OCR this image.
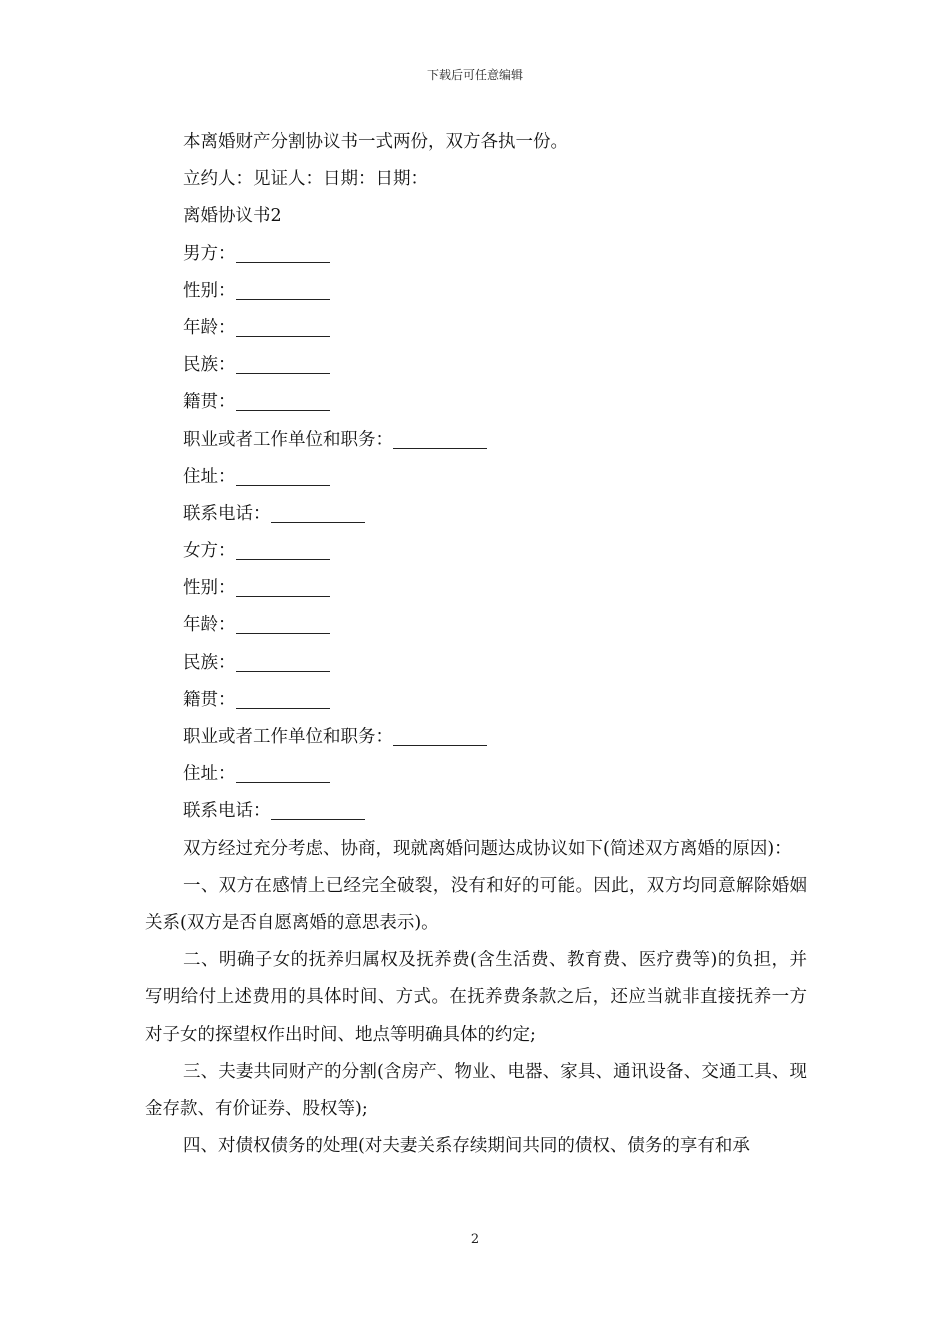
下载后可任意编辑
本离婚财产分割协议书一式两份，双方各执一份。
立约人：见证人：日期：日期：
离婚协议书2
男方：
性别：
年龄：
民族：
籍贯：
职业或者工作单位和职务：
住址：
联系电话：
女方：
性别：
年龄：
民族：
籍贯：
职业或者工作单位和职务：
住址：
联系电话：

双方经过充分考虑、协商，现就离婚问题达成协议如下(简述双方离婚的原因)：

一、双方在感情上已经完全破裂，没有和好的可能。因此，双方均同意解除婚姻关系(双方是否自愿离婚的意思表示)。

二、明确子女的抚养归属权及抚养费(含生活费、教育费、医疗费等)的负担，并写明给付上述费用的具体时间、方式。在抚养费条款之后，还应当就非直接抚养一方对子女的探望权作出时间、地点等明确具体的约定;

三、夫妻共同财产的分割(含房产、物业、电器、家具、通讯设备、交通工具、现金存款、有价证券、股权等);

四、对债权债务的处理(对夫妻关系存续期间共同的债权、债务的享有和承

2
